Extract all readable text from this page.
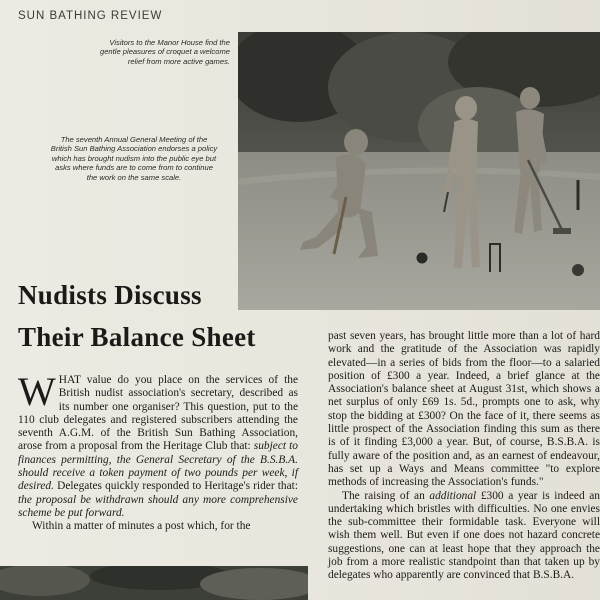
SUN BATHING REVIEW
Visitors to the Manor House find the gentle pleasures of croquet a welcome relief from more active games.
The seventh Annual General Meeting of the British Sun Bathing Association endorses a policy which has brought nudism into the public eye but asks where funds are to come from to continue the work on the same scale.
Nudists Discuss
Their Balance Sheet

WHAT value do you place on the services of the British nudist association's secretary, described as its number one organiser? This question, put to the 110 club delegates and registered subscribers attending the seventh A.G.M. of the British Sun Bathing Association, arose from a proposal from the Heritage Club that: subject to finances permitting, the General Secretary of the B.S.B.A. should receive a token payment of two pounds per week, if desired. Delegates quickly responded to Heritage's rider that: the proposal be withdrawn should any more comprehensive scheme be put forward.

Within a matter of minutes a post which, for the

past seven years, has brought little more than a lot of hard work and the gratitude of the Association was rapidly elevated—in a series of bids from the floor—to a salaried position of £300 a year. Indeed, a brief glance at the Association's balance sheet at August 31st, which shows a net surplus of only £69 1s. 5d., prompts one to ask, why stop the bidding at £300? On the face of it, there seems as little prospect of the Association finding this sum as there is of it finding £3,000 a year. But, of course, B.S.B.A. is fully aware of the position and, as an earnest of endeavour, has set up a Ways and Means committee "to explore methods of increasing the Association's funds."

The raising of an additional £300 a year is indeed an undertaking which bristles with difficulties. No one envies the sub-committee their formidable task. Everyone will wish them well. But even if one does not hazard concrete suggestions, one can at least hope that they approach the job from a more realistic standpoint than that taken up by delegates who apparently are convinced that B.S.B.A.
